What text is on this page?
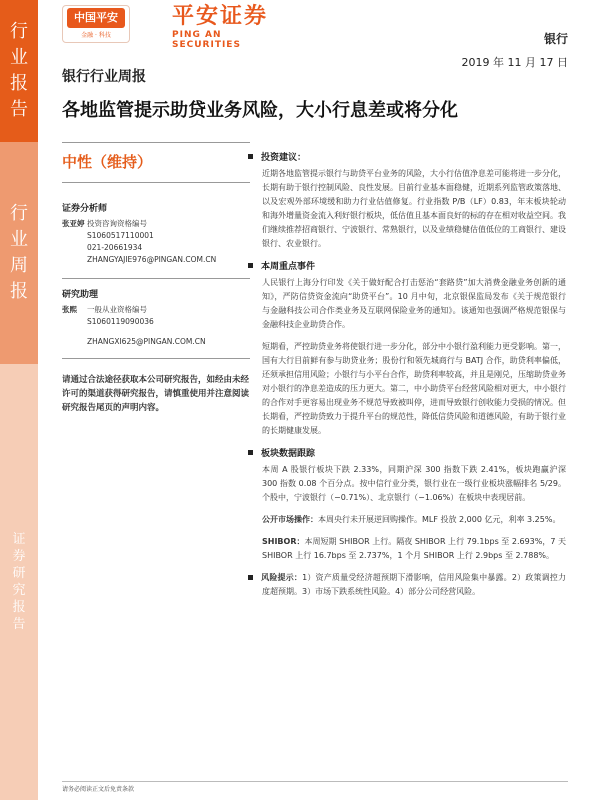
行业报告
行业周报
证券研究报告
中国平安
金融 · 科技
平安证券
PING AN SECURITIES	银行
2019 年 11 月 17 日
银行行业周报
各地监管提示助贷业务风险，大小行息差或将分化
中性（维持）
证券分析师
张亚婷 投资咨询资格编号
S1060517110001
021-20661934
ZHANGYAJIE976@PINGAN.COM.CN
研究助理
张熙	一般从业资格编号
S1060119090036
ZHANGXI625@PINGAN.COM.CN
请通过合法途径获取本公司研究报告，如经由未经许可的渠道获得研究报告，请慎重使用并注意阅读研究报告尾页的声明内容。
投资建议：
近期各地监管提示银行与助贷平台业务的风险，大小行估值净息差可能将进一步分化，长期有助于银行控制风险、良性发展。目前行业基本面稳健，近期系列监管政策落地、以及宏观外部环境缓和助力行业估值修复。行业指数 P/B（LF）0.83，年末板块轮动和海外增量资金流入利好银行板块，低估值且基本面良好的标的存在相对收益空间。我们继续推荐招商银行、宁波银行、常熟银行，以及业绩稳健估值低位的工商银行、建设银行、农业银行。
本周重点事件
人民银行上海分行印发《关于做好配合打击惩治“套路贷”加大消费金融业务创新的通知》，严防信贷资金流向“助贷平台”。10 月中旬，北京银保监局发布《关于规范银行与金融科技公司合作类业务及互联网保险业务的通知》。该通知也强调严格规范银保与金融科技企业助贷合作。
短期看，严控助贷业务将使银行进一步分化，部分中小银行盈利能力更受影响。第一，国有大行目前鲜有参与助贷业务；股份行和领先城商行与 BATJ 合作，助贷利率偏低，还须承担信用风险；小银行与小平台合作，助贷利率较高，并且是刚兑，压缩助贷业务对小银行的净息差造成的压力更大。第二，中小助贷平台经营风险相对更大，中小银行的合作对手更容易出现业务不规范导致被叫停，进而导致银行创收能力受损的情况。但长期看，严控助贷致力于提升平台的规范性，降低信贷风险和道德风险，有助于银行业的长期健康发展。
板块数据跟踪
本周 A 股银行板块下跌 2.33%，同期沪深 300 指数下跌 2.41%，板块跑赢沪深 300 指数 0.08 个百分点。按中信行业分类，银行业在一级行业板块涨幅排名 5/29。个股中，宁波银行（−0.71%）、北京银行（−1.06%）在板块中表现居前。
公开市场操作：本周央行未开展逆回购操作。MLF 投放 2,000 亿元，利率 3.25%。
SHIBOR：本周短期 SHIBOR 上行。隔夜 SHIBOR 上行 79.1bps 至 2.693%，7 天 SHIBOR 上行 16.7bps 至 2.737%，1 个月 SHIBOR 上行 2.9bps 至 2.788%。
风险提示：1）资产质量受经济超预期下滑影响，信用风险集中暴露。2）政策调控力度超预期。3）市场下跌系统性风险。4）部分公司经营风险。
请务必阅读正文后免责条款
